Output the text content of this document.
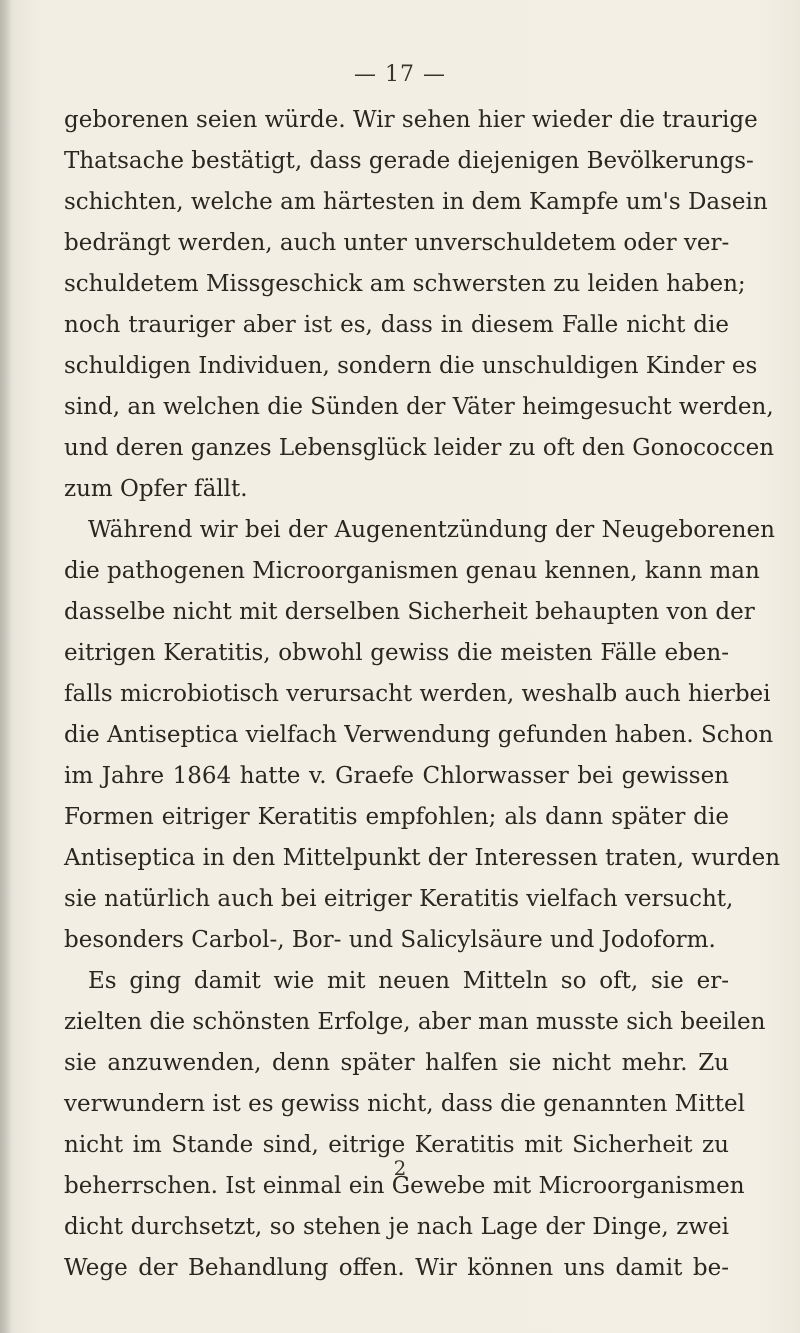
— 17 —
geborenen seien würde. Wir sehen hier wieder die traurige
Thatsache bestätigt, dass gerade diejenigen Bevölkerungs-
schichten, welche am härtesten in dem Kampfe um's Dasein
bedrängt werden, auch unter unverschuldetem oder ver-
schuldetem Missgeschick am schwersten zu leiden haben;
noch trauriger aber ist es, dass in diesem Falle nicht die
schuldigen Individuen, sondern die unschuldigen Kinder es
sind, an welchen die Sünden der Väter heimgesucht werden,
und deren ganzes Lebensglück leider zu oft den Gonococcen
zum Opfer fällt.
Während wir bei der Augenentzündung der Neugeborenen
die pathogenen Microorganismen genau kennen, kann man
dasselbe nicht mit derselben Sicherheit behaupten von der
eitrigen Keratitis, obwohl gewiss die meisten Fälle eben-
falls microbiotisch verursacht werden, weshalb auch hierbei
die Antiseptica vielfach Verwendung gefunden haben. Schon
im Jahre 1864 hatte v. Graefe Chlorwasser bei gewissen
Formen eitriger Keratitis empfohlen; als dann später die
Antiseptica in den Mittelpunkt der Interessen traten, wurden
sie natürlich auch bei eitriger Keratitis vielfach versucht,
besonders Carbol-, Bor- und Salicylsäure und Jodoform.
Es ging damit wie mit neuen Mitteln so oft, sie er-
zielten die schönsten Erfolge, aber man musste sich beeilen
sie anzuwenden, denn später halfen sie nicht mehr. Zu
verwundern ist es gewiss nicht, dass die genannten Mittel
nicht im Stande sind, eitrige Keratitis mit Sicherheit zu
beherrschen. Ist einmal ein Gewebe mit Microorganismen
dicht durchsetzt, so stehen je nach Lage der Dinge, zwei
Wege der Behandlung offen. Wir können uns damit be-
2
